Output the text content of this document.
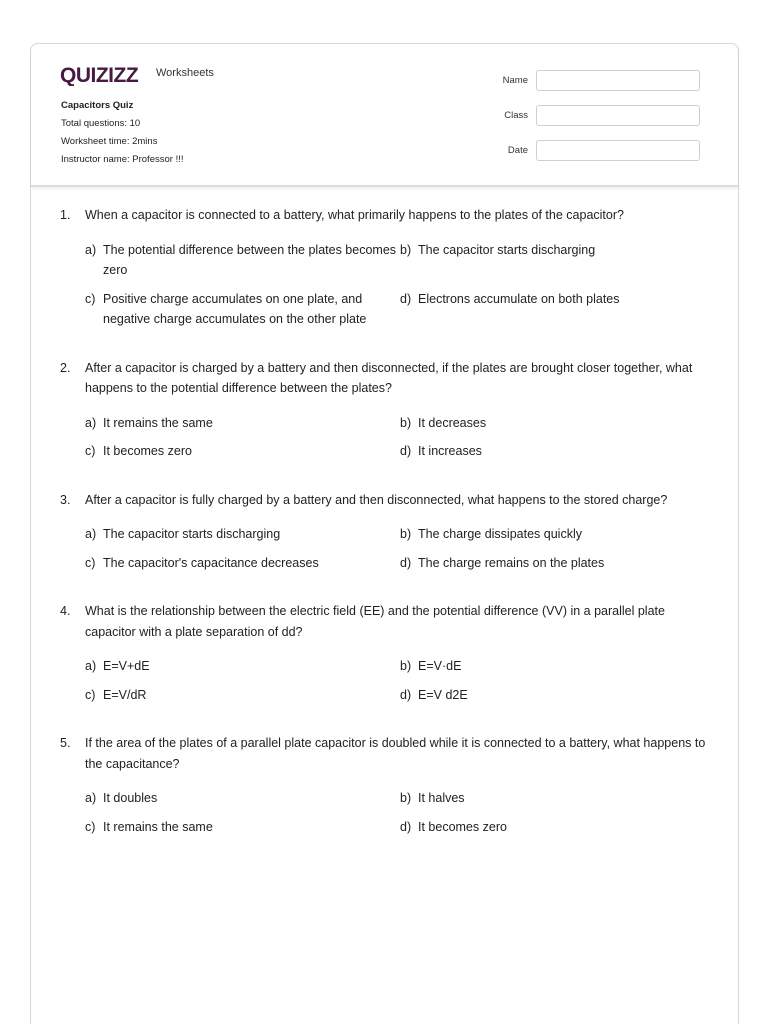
QUIZIZZ Worksheets
Capacitors Quiz
Total questions: 10
Worksheet time: 2mins
Instructor name: Professor !!!
Name
Class
Date
1.	When a capacitor is connected to a battery, what primarily happens to the plates of the capacitor?
a) The potential difference between the plates becomes zero
b) The capacitor starts discharging
c) Positive charge accumulates on one plate, and negative charge accumulates on the other plate
d) Electrons accumulate on both plates
2.	After a capacitor is charged by a battery and then disconnected, if the plates are brought closer together, what happens to the potential difference between the plates?
a) It remains the same	b) It decreases
c) It becomes zero	d) It increases
3.	After a capacitor is fully charged by a battery and then disconnected, what happens to the stored charge?
a) The capacitor starts discharging	b) The charge dissipates quickly
c) The capacitor's capacitance decreases	d) The charge remains on the plates
4.	What is the relationship between the electric field (EE) and the potential difference (VV) in a parallel plate capacitor with a plate separation of dd?
a) E=V+dE	b) E=V·dE
c) E=V/dR	d) E=V d2E
5.	If the area of the plates of a parallel plate capacitor is doubled while it is connected to a battery, what happens to the capacitance?
a) It doubles	b) It halves
c) It remains the same	d) It becomes zero
